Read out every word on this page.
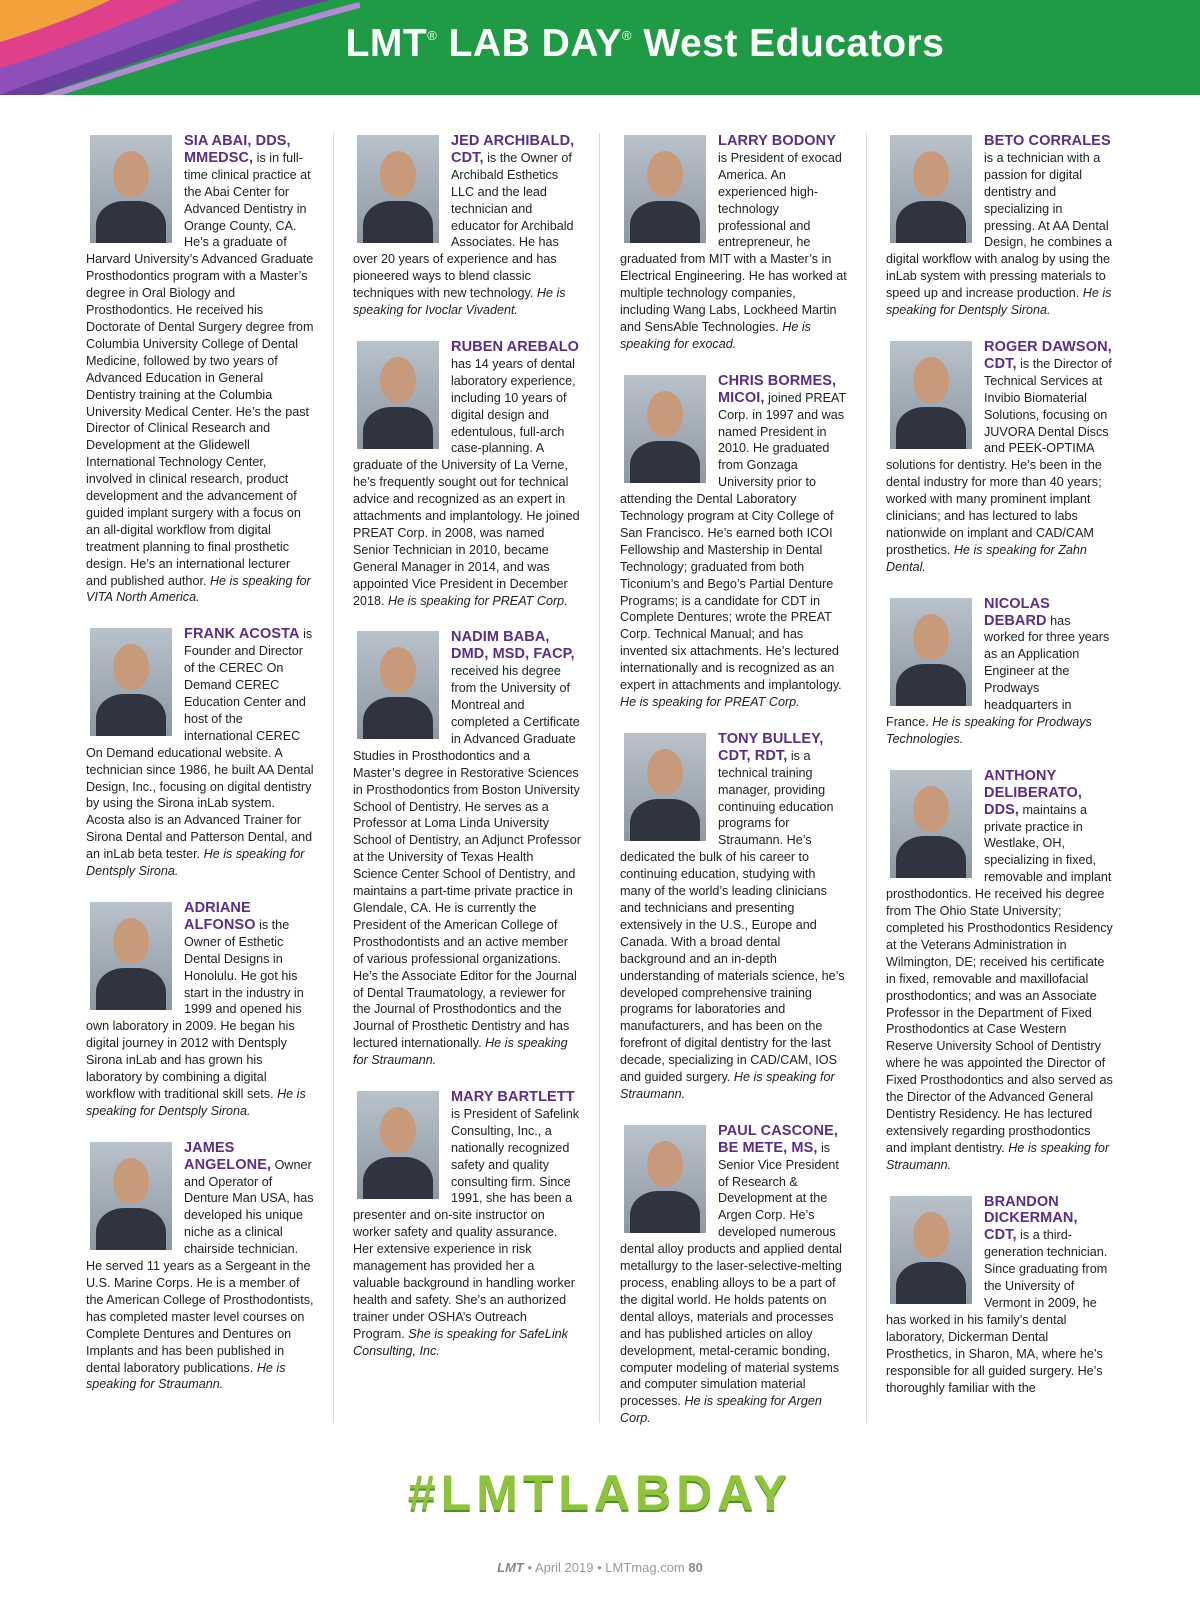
LMT® LAB DAY® West Educators
SIA ABAI, DDS, MMEDSC, is in full-time clinical practice at the Abai Center for Advanced Dentistry in Orange County, CA. He’s a graduate of Harvard University’s Advanced Graduate Prosthodontics program with a Master’s degree in Oral Biology and Prosthodontics. He received his Doctorate of Dental Surgery degree from Columbia University College of Dental Medicine, followed by two years of Advanced Education in General Dentistry training at the Columbia University Medical Center. He’s the past Director of Clinical Research and Development at the Glidewell International Technology Center, involved in clinical research, product development and the advancement of guided implant surgery with a focus on an all-digital workflow from digital treatment planning to final prosthetic design. He’s an international lecturer and published author. He is speaking for VITA North America.
FRANK ACOSTA is Founder and Director of the CEREC On Demand CEREC Education Center and host of the international CEREC On Demand educational website. A technician since 1986, he built AA Dental Design, Inc., focusing on digital dentistry by using the Sirona inLab system. Acosta also is an Advanced Trainer for Sirona Dental and Patterson Dental, and an inLab beta tester. He is speaking for Dentsply Sirona.
ADRIANE ALFONSO is the Owner of Esthetic Dental Designs in Honolulu. He got his start in the industry in 1999 and opened his own laboratory in 2009. He began his digital journey in 2012 with Dentsply Sirona inLab and has grown his laboratory by combining a digital workflow with traditional skill sets. He is speaking for Dentsply Sirona.
JAMES ANGELONE, Owner and Operator of Denture Man USA, has developed his unique niche as a clinical chairside technician. He served 11 years as a Sergeant in the U.S. Marine Corps. He is a member of the American College of Prosthodontists, has completed master level courses on Complete Dentures and Dentures on Implants and has been published in dental laboratory publications. He is speaking for Straumann.
JED ARCHIBALD, CDT, is the Owner of Archibald Esthetics LLC and the lead technician and educator for Archibald Associates. He has over 20 years of experience and has pioneered ways to blend classic techniques with new technology. He is speaking for Ivoclar Vivadent.
RUBEN AREBALO has 14 years of dental laboratory experience, including 10 years of digital design and edentulous, full-arch case-planning. A graduate of the University of La Verne, he’s frequently sought out for technical advice and recognized as an expert in attachments and implantology. He joined PREAT Corp. in 2008, was named Senior Technician in 2010, became General Manager in 2014, and was appointed Vice President in December 2018. He is speaking for PREAT Corp.
NADIM BABA, DMD, MSD, FACP, received his degree from the University of Montreal and completed a Certificate in Advanced Graduate Studies in Prosthodontics and a Master’s degree in Restorative Sciences in Prosthodontics from Boston University School of Dentistry. He serves as a Professor at Loma Linda University School of Dentistry, an Adjunct Professor at the University of Texas Health Science Center School of Dentistry, and maintains a part-time private practice in Glendale, CA. He is currently the President of the American College of Prosthodontists and an active member of various professional organizations. He’s the Associate Editor for the Journal of Dental Traumatology, a reviewer for the Journal of Prosthodontics and the Journal of Prosthetic Dentistry and has lectured internationally. He is speaking for Straumann.
MARY BARTLETT is President of Safelink Consulting, Inc., a nationally recognized safety and quality consulting firm. Since 1991, she has been a presenter and on-site instructor on worker safety and quality assurance. Her extensive experience in risk management has provided her a valuable background in handling worker health and safety. She’s an authorized trainer under OSHA’s Outreach Program. She is speaking for SafeLink Consulting, Inc.
LARRY BODONY is President of exocad America. An experienced high-technology professional and entrepreneur, he graduated from MIT with a Master’s in Electrical Engineering. He has worked at multiple technology companies, including Wang Labs, Lockheed Martin and SensAble Technologies. He is speaking for exocad.
CHRIS BORMES, MICOI, joined PREAT Corp. in 1997 and was named President in 2010. He graduated from Gonzaga University prior to attending the Dental Laboratory Technology program at City College of San Francisco. He’s earned both ICOI Fellowship and Mastership in Dental Technology; graduated from both Ticonium’s and Bego’s Partial Denture Programs; is a candidate for CDT in Complete Dentures; wrote the PREAT Corp. Technical Manual; and has invented six attachments. He’s lectured internationally and is recognized as an expert in attachments and implantology. He is speaking for PREAT Corp.
TONY BULLEY, CDT, RDT, is a technical training manager, providing continuing education programs for Straumann. He’s dedicated the bulk of his career to continuing education, studying with many of the world’s leading clinicians and technicians and presenting extensively in the U.S., Europe and Canada. With a broad dental background and an in-depth understanding of materials science, he’s developed comprehensive training programs for laboratories and manufacturers, and has been on the forefront of digital dentistry for the last decade, specializing in CAD/CAM, IOS and guided surgery. He is speaking for Straumann.
PAUL CASCONE, BE METE, MS, is Senior Vice President of Research & Development at the Argen Corp. He’s developed numerous dental alloy products and applied dental metallurgy to the laser-selective-melting process, enabling alloys to be a part of the digital world. He holds patents on dental alloys, materials and processes and has published articles on alloy development, metal-ceramic bonding, computer modeling of material systems and computer simulation material processes. He is speaking for Argen Corp.
BETO CORRALES is a technician with a passion for digital dentistry and specializing in pressing. At AA Dental Design, he combines a digital workflow with analog by using the inLab system with pressing materials to speed up and increase production. He is speaking for Dentsply Sirona.
ROGER DAWSON, CDT, is the Director of Technical Services at Invibio Biomaterial Solutions, focusing on JUVORA Dental Discs and PEEK-OPTIMA solutions for dentistry. He’s been in the dental industry for more than 40 years; worked with many prominent implant clinicians; and has lectured to labs nationwide on implant and CAD/CAM prosthetics. He is speaking for Zahn Dental.
NICOLAS DEBARD has worked for three years as an Application Engineer at the Prodways headquarters in France. He is speaking for Prodways Technologies.
ANTHONY DELIBERATO, DDS, maintains a private practice in Westlake, OH, specializing in fixed, removable and implant prosthodontics. He received his degree from The Ohio State University; completed his Prosthodontics Residency at the Veterans Administration in Wilmington, DE; received his certificate in fixed, removable and maxillofacial prosthodontics; and was an Associate Professor in the Department of Fixed Prosthodontics at Case Western Reserve University School of Dentistry where he was appointed the Director of Fixed Prosthodontics and also served as the Director of the Advanced General Dentistry Residency. He has lectured extensively regarding prosthodontics and implant dentistry. He is speaking for Straumann.
BRANDON DICKERMAN, CDT, is a third-generation technician. Since graduating from the University of Vermont in 2009, he has worked in his family’s dental laboratory, Dickerman Dental Prosthetics, in Sharon, MA, where he’s responsible for all guided surgery. He’s thoroughly familiar with the
#LMTLABDAY
LMT • April 2019 • LMTmag.com 80
